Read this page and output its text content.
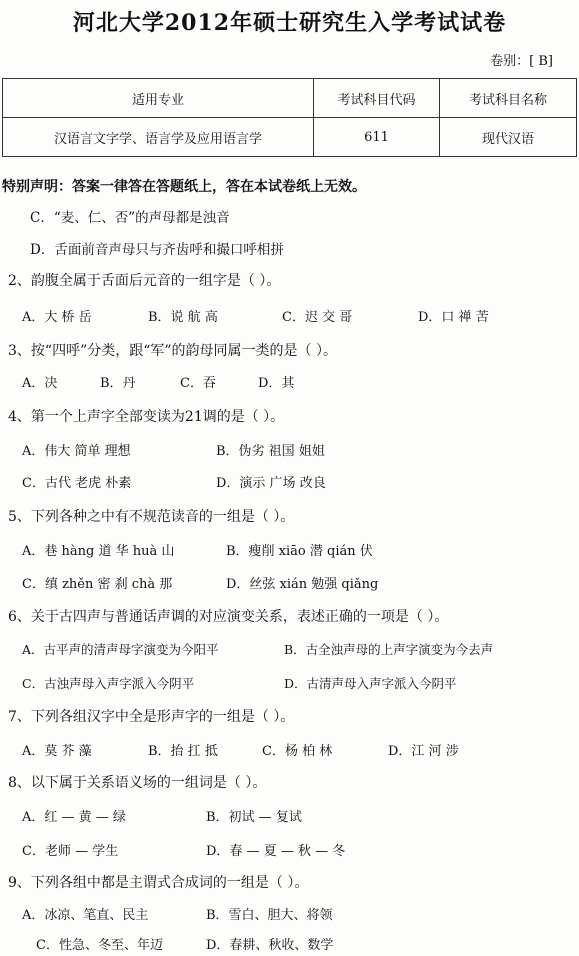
河北大学2012年硕士研究生入学考试试卷
卷别：[ B]
适用专业	考试科目代码	考试科目名称
汉语言文字学、语言学及应用语言学	611	现代汉语
特别声明：答案一律答在答题纸上，答在本试卷纸上无效。
C．“麦、仁、否”的声母都是浊音
D．舌面前音声母只与齐齿呼和撮口呼相拼
2、韵腹全属于舌面后元音的一组字是（ ）。
A．大 桥 岳	B．说 航 高	C．迟 交 哥	D．口 禅 苦
3、按“四呼”分类，跟“军”的韵母同属一类的是（ ）。
A．决	B．丹	C．吞	D．其
4、第一个上声字全部变读为21调的是（ ）。
A．伟大 简单 理想	B．伪劣 祖国 姐姐
C．古代 老虎 朴素	D．演示 广场 改良
5、下列各种之中有不规范读音的一组是（ ）。
A．巷 hàng 道 华 huà 山	B．瘦削 xiāo 潜 qián 伏
C．缜 zhěn 密 刹 chà 那	D．丝弦 xián 勉强 qiǎng
6、关于古四声与普通话声调的对应演变关系，表述正确的一项是（ ）。
A．古平声的清声母字演变为今阳平	B．古全浊声母的上声字演变为今去声
C．古浊声母入声字派入今阴平	D．古清声母入声字派入今阴平
7、下列各组汉字中全是形声字的一组是（ ）。
A．莫 芥 藻	B．抬 扛 抵	C．杨 柏 林	D．江 河 涉
8、以下属于关系语义场的一组词是（ ）。
A．红 — 黄 — 绿	B．初试 — 复试
C．老师 — 学生	D．春 — 夏 — 秋 — 冬
9、下列各组中都是主谓式合成词的一组是（ ）。
A．冰凉、笔直、民主	B．雪白、胆大、将领
C．性急、冬至、年迈	D．春耕、秋收、数学
